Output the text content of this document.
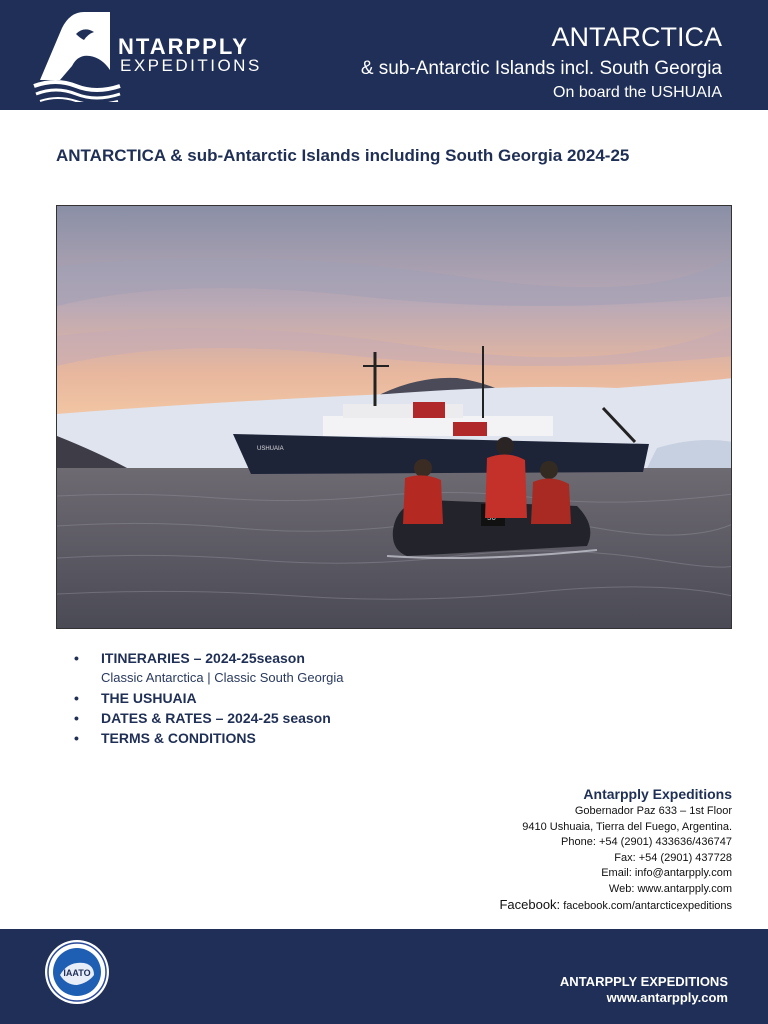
NTARPPLY
EXPEDITIONS
ANTARCTICA
& sub-Antarctic Islands incl. South Georgia
On board the USHUAIA
ANTARCTICA & sub-Antarctic Islands including South Georgia 2024-25
USHUAIA
• ITINERARIES – 2024-25season
Classic Antarctica | Classic South Georgia
• THE USHUAIA
• DATES & RATES – 2024-25 season
• TERMS & CONDITIONS
Antarpply Expeditions
Gobernador Paz 633 – 1st Floor
9410 Ushuaia, Tierra del Fuego, Argentina.
Phone: +54 (2901) 433636/436747
Fax: +54 (2901) 437728
Email: info@antarpply.com
Web: www.antarpply.com
Facebook: facebook.com/antarcticexpeditions
IAATO
ANTARPPLY EXPEDITIONS
www.antarpply.com
